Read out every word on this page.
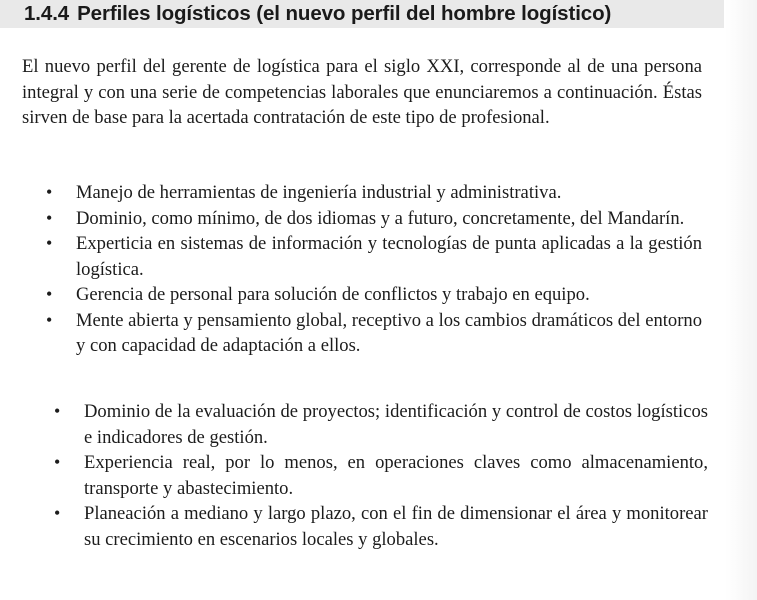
1.4.4 Perfiles logísticos (el nuevo perfil del hombre logístico)

El nuevo perfil del gerente de logística para el siglo XXI, corresponde al de una persona integral y con una serie de competencias laborales que enunciaremos a continuación. Éstas sirven de base para la acertada contratación de este tipo de profesional.

• Manejo de herramientas de ingeniería industrial y administrativa.
• Dominio, como mínimo, de dos idiomas y a futuro, concretamente, del Mandarín.
• Experticia en sistemas de información y tecnologías de punta aplicadas a la gestión logística.
• Gerencia de personal para solución de conflictos y trabajo en equipo.
• Mente abierta y pensamiento global, receptivo a los cambios dramáticos del entorno y con capacidad de adaptación a ellos.
• Dominio de la evaluación de proyectos; identificación y control de costos logísticos e indicadores de gestión.
• Experiencia real, por lo menos, en operaciones claves como almacenamiento, transporte y abastecimiento.
• Planeación a mediano y largo plazo, con el fin de dimensionar el área y monitorear su crecimiento en escenarios locales y globales.
